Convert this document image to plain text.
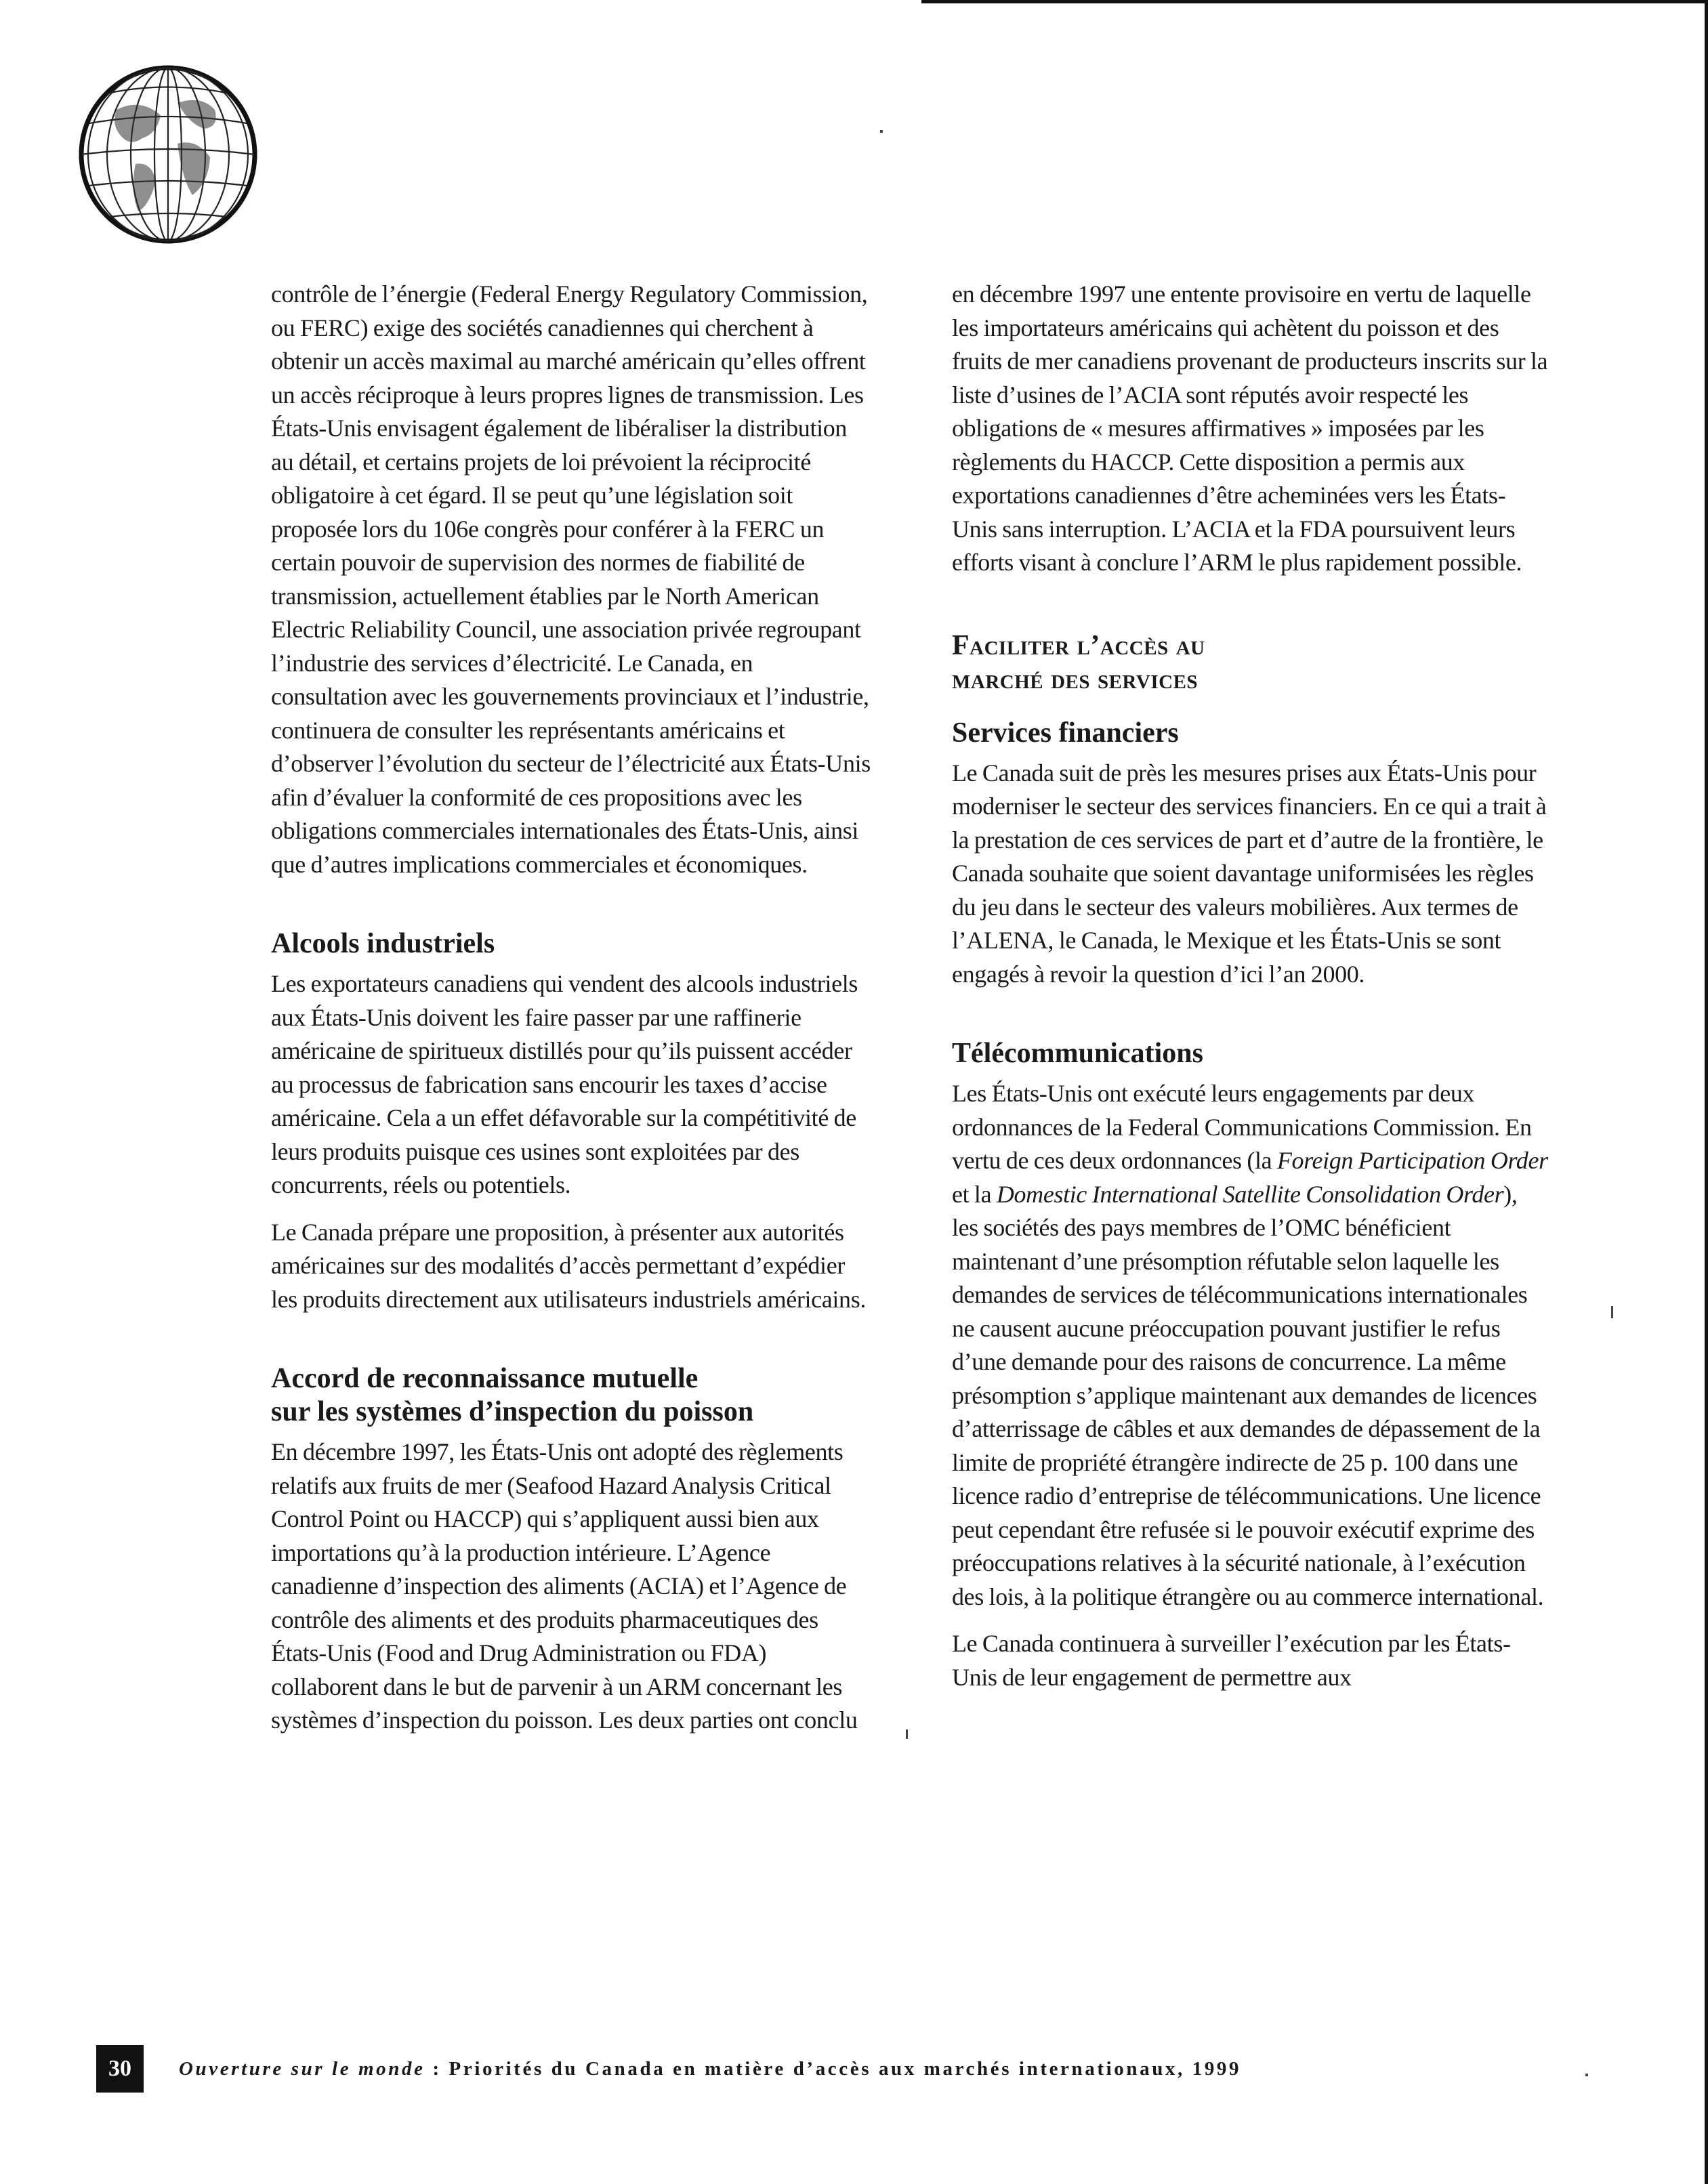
contrôle de l’énergie (Federal Energy Regulatory Commission, ou FERC) exige des sociétés canadiennes qui cherchent à obtenir un accès maximal au marché américain qu’elles offrent un accès réciproque à leurs propres lignes de transmission. Les États-Unis envisagent également de libéraliser la distribution au détail, et certains projets de loi prévoient la réciprocité obligatoire à cet égard. Il se peut qu’une législation soit proposée lors du 106e congrès pour conférer à la FERC un certain pouvoir de supervision des normes de fiabilité de transmission, actuellement établies par le North American Electric Reliability Council, une association privée regroupant l’industrie des services d’électricité. Le Canada, en consultation avec les gouvernements provinciaux et l’industrie, continuera de consulter les représentants américains et d’observer l’évolution du secteur de l’électricité aux États-Unis afin d’évaluer la conformité de ces propositions avec les obligations commerciales internationales des États-Unis, ainsi que d’autres implications commerciales et économiques.

Alcools industriels

Les exportateurs canadiens qui vendent des alcools industriels aux États-Unis doivent les faire passer par une raffinerie américaine de spiritueux distillés pour qu’ils puissent accéder au processus de fabrication sans encourir les taxes d’accise américaine. Cela a un effet défavorable sur la compétitivité de leurs produits puisque ces usines sont exploitées par des concurrents, réels ou potentiels.

Le Canada prépare une proposition, à présenter aux autorités américaines sur des modalités d’accès permettant d’expédier les produits directement aux utilisateurs industriels américains.

Accord de reconnaissance mutuelle
sur les systèmes d’inspection du poisson

En décembre 1997, les États-Unis ont adopté des règlements relatifs aux fruits de mer (Seafood Hazard Analysis Critical Control Point ou HACCP) qui s’appliquent aussi bien aux importations qu’à la production intérieure. L’Agence canadienne d’inspection des aliments (ACIA) et l’Agence de contrôle des aliments et des produits pharmaceutiques des États-Unis (Food and Drug Administration ou FDA) collaborent dans le but de parvenir à un ARM concernant les systèmes d’inspection du poisson. Les deux parties ont conclu

en décembre 1997 une entente provisoire en vertu de laquelle les importateurs américains qui achètent du poisson et des fruits de mer canadiens provenant de producteurs inscrits sur la liste d’usines de l’ACIA sont réputés avoir respecté les obligations de « mesures affirmatives » imposées par les règlements du HACCP. Cette disposition a permis aux exportations canadiennes d’être acheminées vers les États-Unis sans interruption. L’ACIA et la FDA poursuivent leurs efforts visant à conclure l’ARM le plus rapidement possible.

Faciliter l’accès au
marché des services
Services financiers

Le Canada suit de près les mesures prises aux États-Unis pour moderniser le secteur des services financiers. En ce qui a trait à la prestation de ces services de part et d’autre de la frontière, le Canada souhaite que soient davantage uniformisées les règles du jeu dans le secteur des valeurs mobilières. Aux termes de l’ALENA, le Canada, le Mexique et les États-Unis se sont engagés à revoir la question d’ici l’an 2000.

Télécommunications

Les États-Unis ont exécuté leurs engagements par deux ordonnances de la Federal Communications Commission. En vertu de ces deux ordonnances (la Foreign Participation Order et la Domestic International Satellite Consolidation Order), les sociétés des pays membres de l’OMC bénéficient maintenant d’une présomption réfutable selon laquelle les demandes de services de télécommunications internationales ne causent aucune préoccupation pouvant justifier le refus d’une demande pour des raisons de concurrence. La même présomption s’applique maintenant aux demandes de licences d’atterrissage de câbles et aux demandes de dépassement de la limite de propriété étrangère indirecte de 25 p. 100 dans une licence radio d’entreprise de télécommunications. Une licence peut cependant être refusée si le pouvoir exécutif exprime des préoccupations relatives à la sécurité nationale, à l’exécution des lois, à la politique étrangère ou au commerce international.

Le Canada continuera à surveiller l’exécution par les États-Unis de leur engagement de permettre aux

30	Ouverture sur le monde : Priorités du Canada en matière d’accès aux marchés internationaux, 1999
